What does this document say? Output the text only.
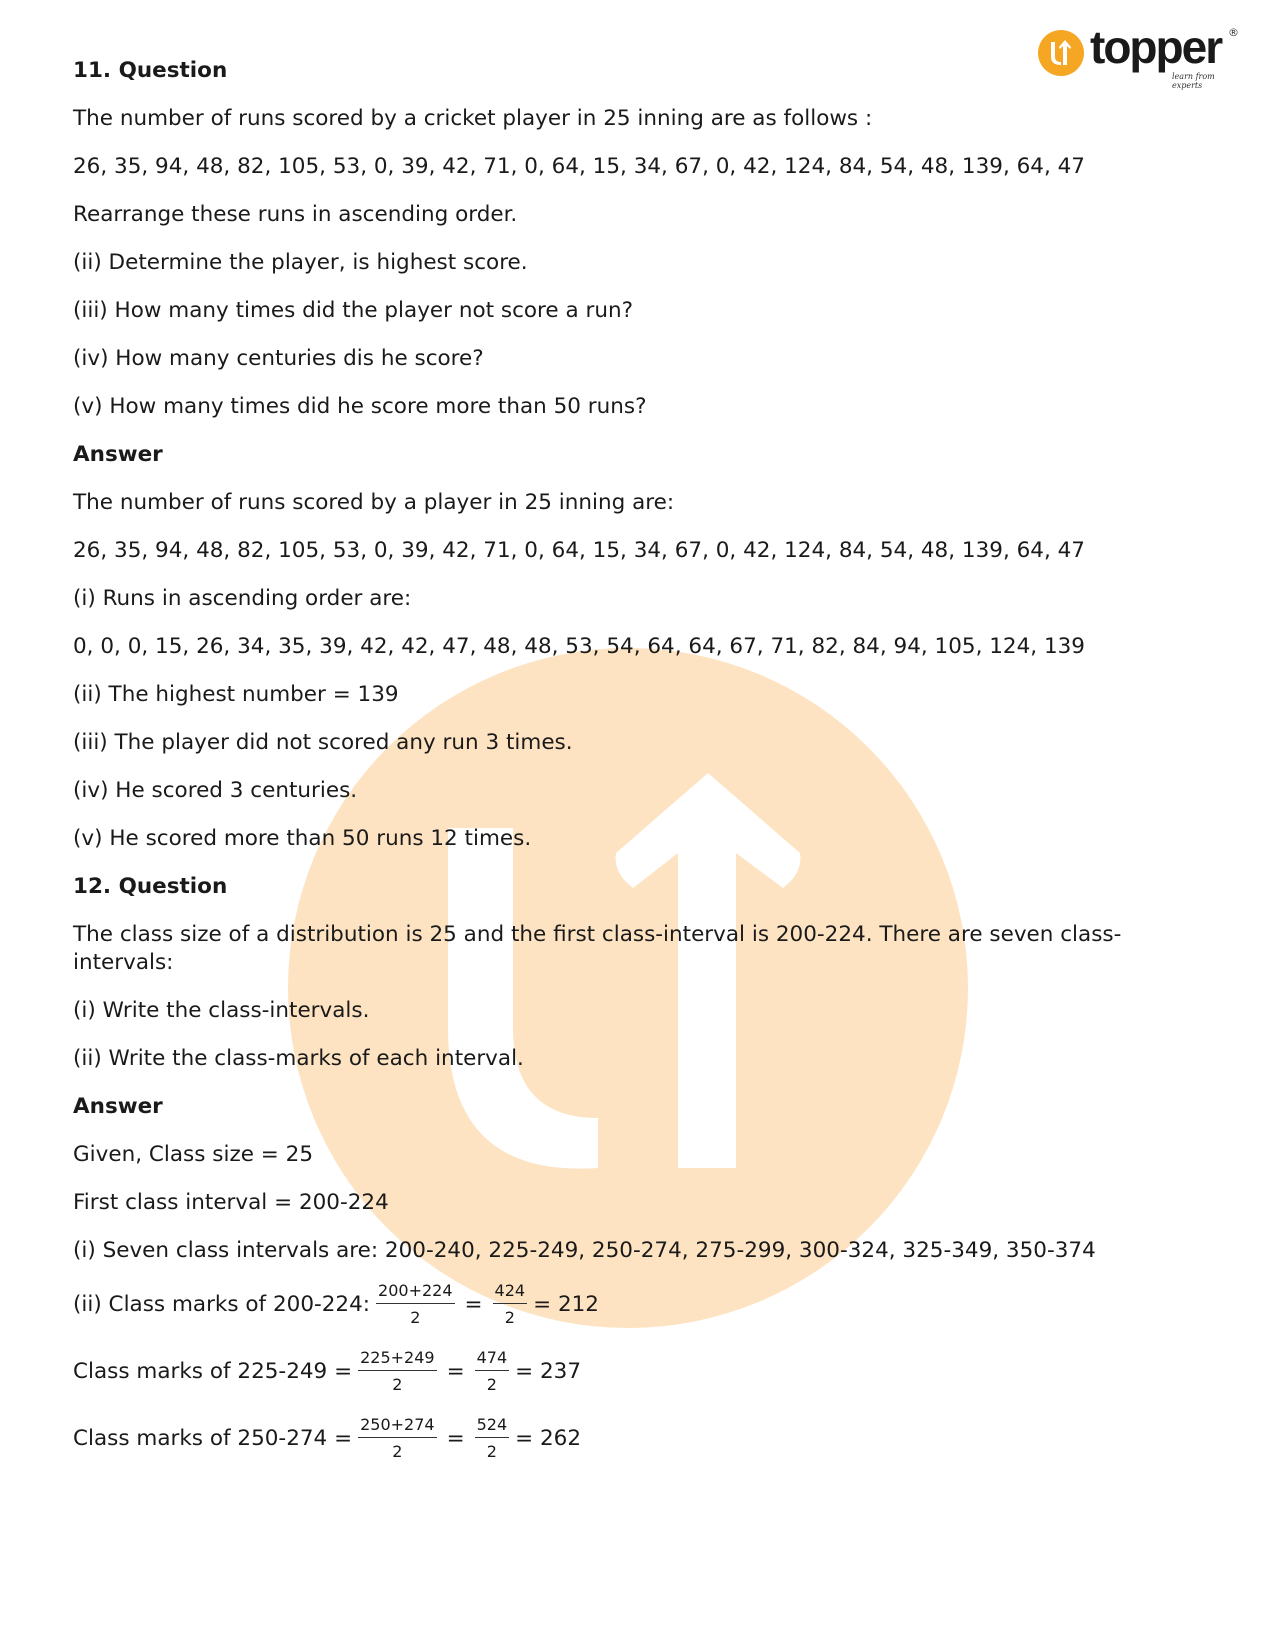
topper
learn from experts
®
11. Question
The number of runs scored by a cricket player in 25 inning are as follows :
26, 35, 94, 48, 82, 105, 53, 0, 39, 42, 71, 0, 64, 15, 34, 67, 0, 42, 124, 84, 54, 48, 139, 64, 47
Rearrange these runs in ascending order.
(ii) Determine the player, is highest score.
(iii) How many times did the player not score a run?
(iv) How many centuries dis he score?
(v) How many times did he score more than 50 runs?
Answer
The number of runs scored by a player in 25 inning are:
26, 35, 94, 48, 82, 105, 53, 0, 39, 42, 71, 0, 64, 15, 34, 67, 0, 42, 124, 84, 54, 48, 139, 64, 47
(i) Runs in ascending order are:
0, 0, 0, 15, 26, 34, 35, 39, 42, 42, 47, 48, 48, 53, 54, 64, 64, 67, 71, 82, 84, 94, 105, 124, 139
(ii) The highest number = 139
(iii) The player did not scored any run 3 times.
(iv) He scored 3 centuries.
(v) He scored more than 50 runs 12 times.
12. Question
The class size of a distribution is 25 and the first class-interval is 200-224. There are seven class-intervals:
(i) Write the class-intervals.
(ii) Write the class-marks of each interval.
Answer
Given, Class size = 25
First class interval = 200-224
(i) Seven class intervals are: 200-240, 225-249, 250-274, 275-299, 300-324, 325-349, 350-374
(ii) Class marks of 200-224: $\frac{200+224}{2} = \frac{424}{2} = 212$
Class marks of $225-249 = \frac{225+249}{2} = \frac{474}{2} = 237$
Class marks of $250-274 = \frac{250+274}{2} = \frac{524}{2} = 262$
